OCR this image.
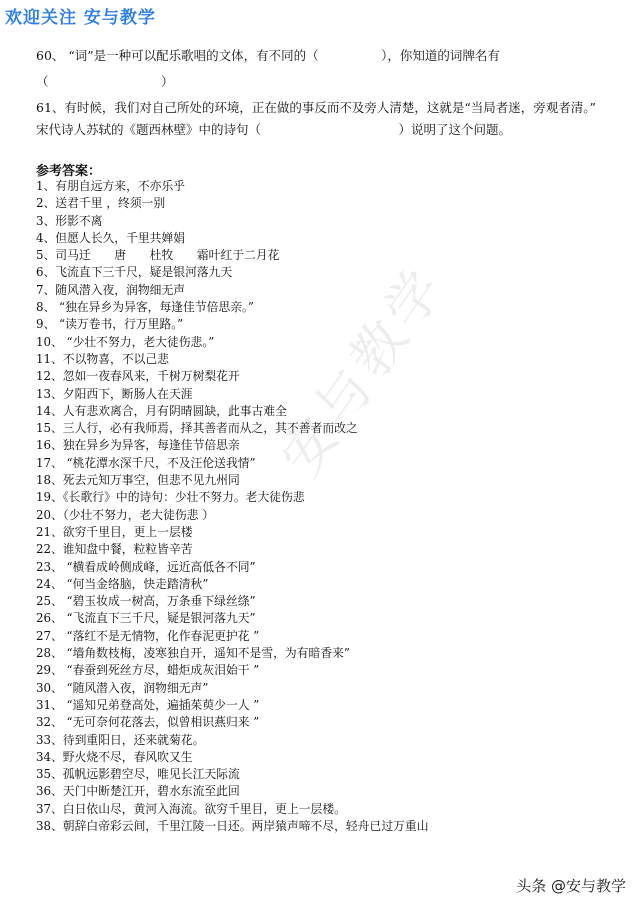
欢迎关注 安与教学
60、 “词”是一种可以配乐歌唱的文体，有不同的（　　　　　），你知道的词牌名有
（　　　　　　　　　）
61、有时候，我们对自己所处的环境，正在做的事反而不及旁人清楚，这就是“当局者迷，旁观者清。”
宋代诗人苏轼的《题西林壁》中的诗句（　　　　　　　　　　　）说明了这个问题。
参考答案：
1、有朋自远方来，不亦乐乎
2、送君千里 ，终须一别
3、形影不离
4、但愿人长久，千里共婵娟
5、司马迁　　唐　　杜牧　　霜叶红于二月花
6、飞流直下三千尺，疑是银河落九天
7、随风潜入夜，润物细无声
8、 “独在异乡为异客，每逢佳节倍思亲。”
9、 “读万卷书，行万里路。”
10、 “少壮不努力，老大徒伤悲。”
11、不以物喜，不以己悲
12、忽如一夜春风来，千树万树梨花开
13、夕阳西下，断肠人在天涯
14、人有悲欢离合，月有阴晴圆缺，此事古难全
15、三人行，必有我师焉，择其善者而从之，其不善者而改之
16、独在异乡为异客，每逢佳节倍思亲
17、 “桃花潭水深千尺，不及汪伦送我情”
18、死去元知万事空，但悲不见九州同
19、《长歌行》中的诗句：少壮不努力。老大徒伤悲
20、（少壮不努力，老大徒伤悲 ）
21、欲穷千里目，更上一层楼
22、谁知盘中餐，粒粒皆辛苦
23、 “横看成岭侧成峰，远近高低各不同”
24、 “何当金络脑，快走踏清秋”
25、 “碧玉妆成一树高，万条垂下绿丝绦”
26、 “飞流直下三千尺，疑是银河落九天”
27、 “落红不是无情物，化作春泥更护花 ”
28、 “墙角数枝梅，凌寒独自开，遥知不是雪，为有暗香来”
29、 “春蚕到死丝方尽，蜡炬成灰泪始干 ”
30、 “随风潜入夜，润物细无声”
31、 “遥知兄弟登高处，遍插茱萸少一人 ”
32、 “无可奈何花落去，似曾相识燕归来 ”
33、待到重阳日，还来就菊花。
34、野火烧不尽，春风吹又生
35、孤帆远影碧空尽，唯见长江天际流
36、天门中断楚江开，碧水东流至此回
37、白日依山尽，黄河入海流。欲穷千里目，更上一层楼。
38、朝辞白帝彩云间，千里江陵一日还。两岸猿声啼不尽，轻舟已过万重山
安与教学
头条 @安与教学
